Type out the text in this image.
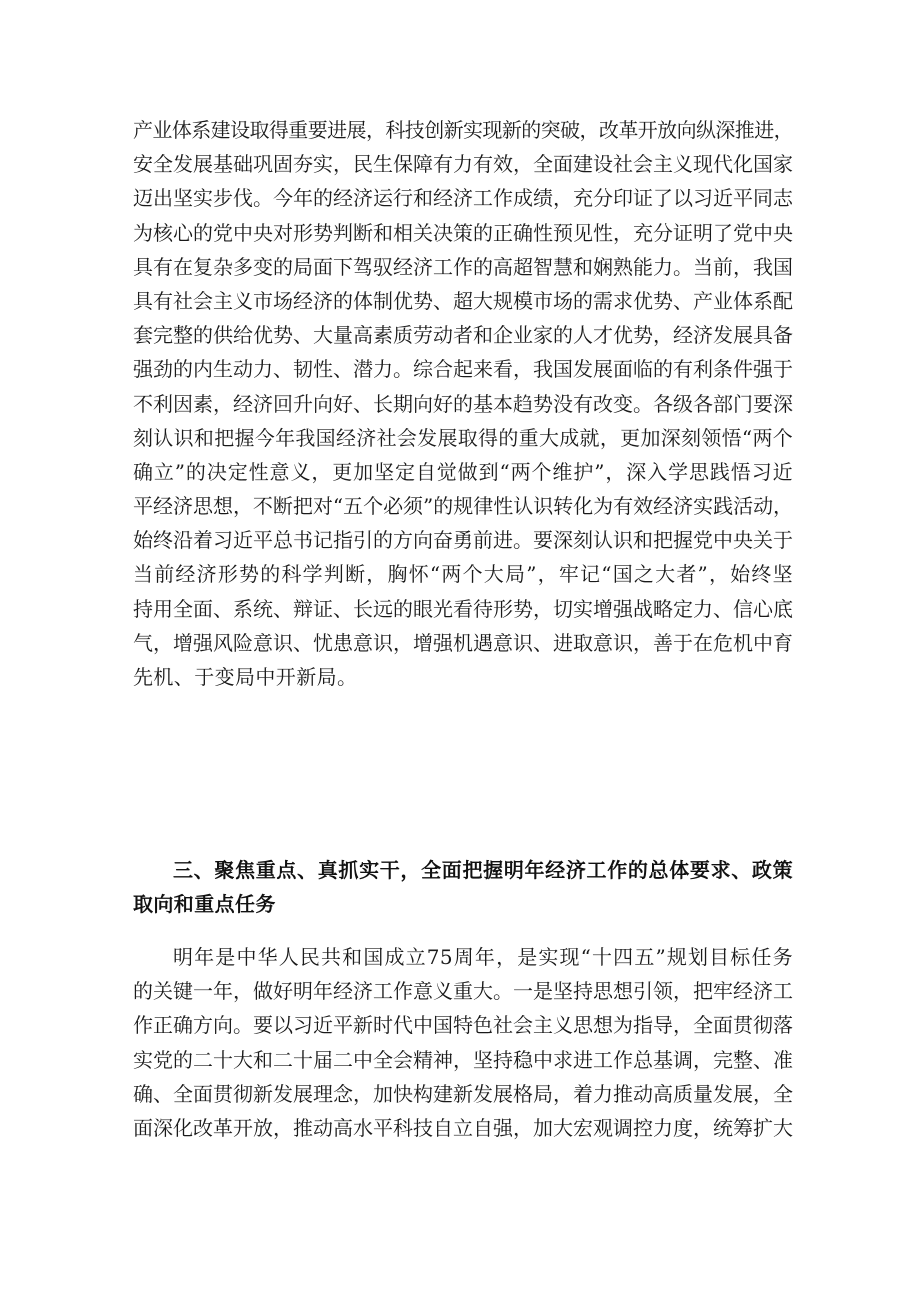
产业体系建设取得重要进展，科技创新实现新的突破，改革开放向纵深推进，
安全发展基础巩固夯实，民生保障有力有效，全面建设社会主义现代化国家
迈出坚实步伐。今年的经济运行和经济工作成绩，充分印证了以习近平同志
为核心的党中央对形势判断和相关决策的正确性预见性，充分证明了党中央
具有在复杂多变的局面下驾驭经济工作的高超智慧和娴熟能力。当前，我国
具有社会主义市场经济的体制优势、超大规模市场的需求优势、产业体系配
套完整的供给优势、大量高素质劳动者和企业家的人才优势，经济发展具备
强劲的内生动力、韧性、潜力。综合起来看，我国发展面临的有利条件强于
不利因素，经济回升向好、长期向好的基本趋势没有改变。各级各部门要深
刻认识和把握今年我国经济社会发展取得的重大成就，更加深刻领悟“两个
确立”的决定性意义，更加坚定自觉做到“两个维护”，深入学思践悟习近
平经济思想，不断把对“五个必须”的规律性认识转化为有效经济实践活动，
始终沿着习近平总书记指引的方向奋勇前进。要深刻认识和把握党中央关于
当前经济形势的科学判断，胸怀“两个大局”，牢记“国之大者”，始终坚
持用全面、系统、辩证、长远的眼光看待形势，切实增强战略定力、信心底
气，增强风险意识、忧患意识，增强机遇意识、进取意识，善于在危机中育
先机、于变局中开新局。
三、聚焦重点、真抓实干，全面把握明年经济工作的总体要求、政策
取向和重点任务
明年是中华人民共和国成立75周年，是实现“十四五”规划目标任务
的关键一年，做好明年经济工作意义重大。一是坚持思想引领，把牢经济工
作正确方向。要以习近平新时代中国特色社会主义思想为指导，全面贯彻落
实党的二十大和二十届二中全会精神，坚持稳中求进工作总基调，完整、准
确、全面贯彻新发展理念，加快构建新发展格局，着力推动高质量发展，全
面深化改革开放，推动高水平科技自立自强，加大宏观调控力度，统筹扩大
